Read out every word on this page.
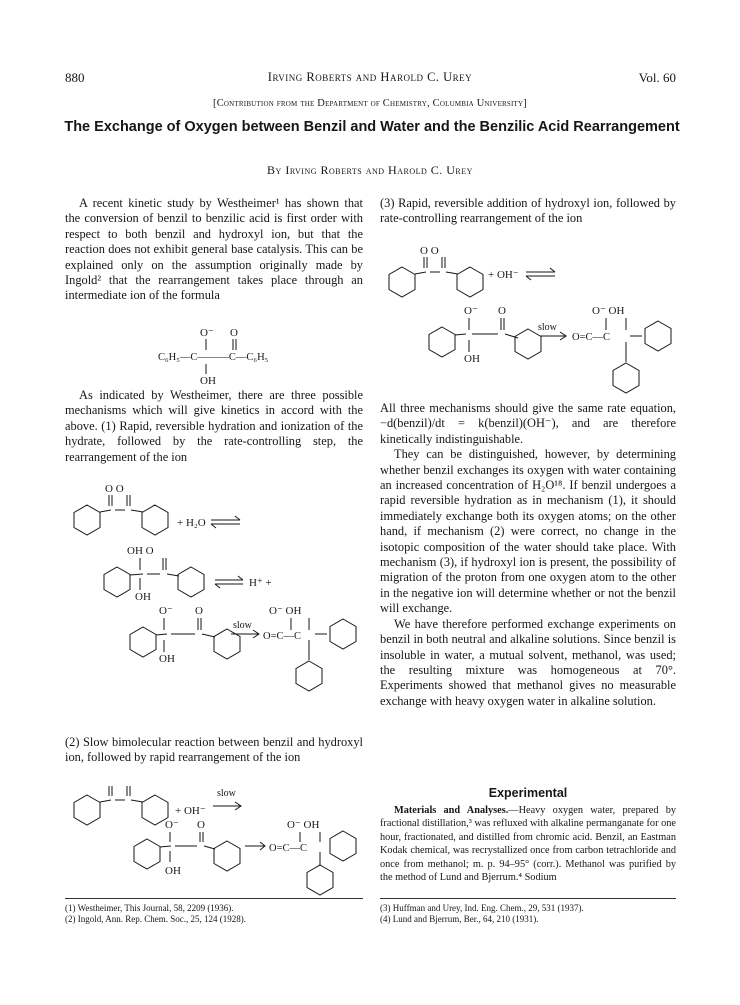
880	Irving Roberts and Harold C. Urey	Vol. 60
[Contribution from the Department of Chemistry, Columbia University]
The Exchange of Oxygen between Benzil and Water and the Benzilic Acid Rearrangement
By Irving Roberts and Harold C. Urey

A recent kinetic study by Westheimer¹ has shown that the conversion of benzil to benzilic acid is first order with respect to both benzil and hydroxyl ion, but that the reaction does not exhibit general base catalysis. This can be explained only on the assumption originally made by Ingold² that the rearrangement takes place through an intermediate ion of the formula

O⁻ O
C₆H₅—C———C—C₆H₅
OH

As indicated by Westheimer, there are three possible mechanisms which will give kinetics in accord with the above. (1) Rapid, reversible hydration and ionization of the hydrate, followed by the rate-controlling step, the rearrangement of the ion

O O
+ H₂O
OH O
OH
H⁺ +
O⁻ O
OH
slow
O⁻ OH
O=C—C

(2) Slow bimolecular reaction between benzil and hydroxyl ion, followed by rapid rearrangement of the ion

+ OH⁻
slow
O⁻ O
OH
O⁻ OH
O=C—C

(3) Rapid, reversible addition of hydroxyl ion, followed by rate-controlling rearrangement of the ion

O O
+ OH⁻
O⁻ O
OH
slow
O⁻ OH
O=C—C

All three mechanisms should give the same rate equation, −d(benzil)/dt = k(benzil)(OH⁻), and are therefore kinetically indistinguishable.

They can be distinguished, however, by determining whether benzil exchanges its oxygen with water containing an increased concentration of H₂O¹⁸. If benzil undergoes a rapid reversible hydration as in mechanism (1), it should immediately exchange both its oxygen atoms; on the other hand, if mechanism (2) were correct, no change in the isotopic composition of the water should take place. With mechanism (3), if hydroxyl ion is present, the possibility of migration of the proton from one oxygen atom to the other in the negative ion will determine whether or not the benzil will exchange.

We have therefore performed exchange experiments on benzil in both neutral and alkaline solutions. Since benzil is insoluble in water, a mutual solvent, methanol, was used; the resulting mixture was homogeneous at 70°. Experiments showed that methanol gives no measurable exchange with heavy oxygen water in alkaline solution.

Experimental

Materials and Analyses.—Heavy oxygen water, prepared by fractional distillation,³ was refluxed with alkaline permanganate for one hour, fractionated, and distilled from chromic acid. Benzil, an Eastman Kodak chemical, was recrystallized once from carbon tetrachloride and once from methanol; m. p. 94–95° (corr.). Methanol was purified by the method of Lund and Bjerrum.⁴ Sodium

(1) Westheimer, This Journal, 58, 2209 (1936).
(2) Ingold, Ann. Rep. Chem. Soc., 25, 124 (1928).
(3) Huffman and Urey, Ind. Eng. Chem., 29, 531 (1937).
(4) Lund and Bjerrum, Ber., 64, 210 (1931).
